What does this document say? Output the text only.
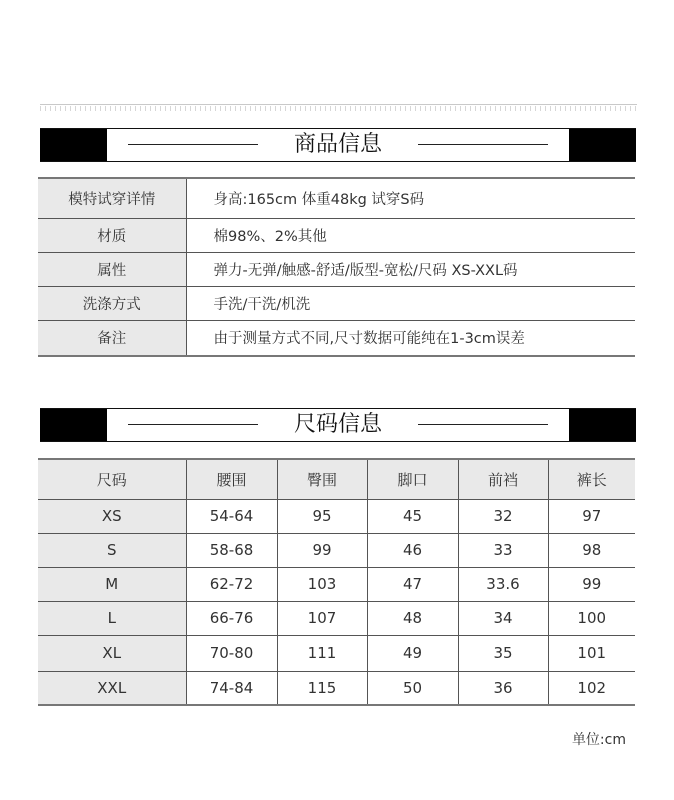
商品信息
模特试穿详情	身高:165cm 体重48kg 试穿S码
材质	棉98%、2%其他
属性	弹力-无弹/触感-舒适/版型-宽松/尺码 XS-XXL码
洗涤方式	手洗/干洗/机洗
备注	由于测量方式不同,尺寸数据可能纯在1-3cm误差
尺码信息
尺码	腰围	臀围	脚口	前裆	裤长
XS	54-64	95	45	32	97
S	58-68	99	46	33	98
M	62-72	103	47	33.6	99
L	66-76	107	48	34	100
XL	70-80	111	49	35	101
XXL	74-84	115	50	36	102
单位:cm
